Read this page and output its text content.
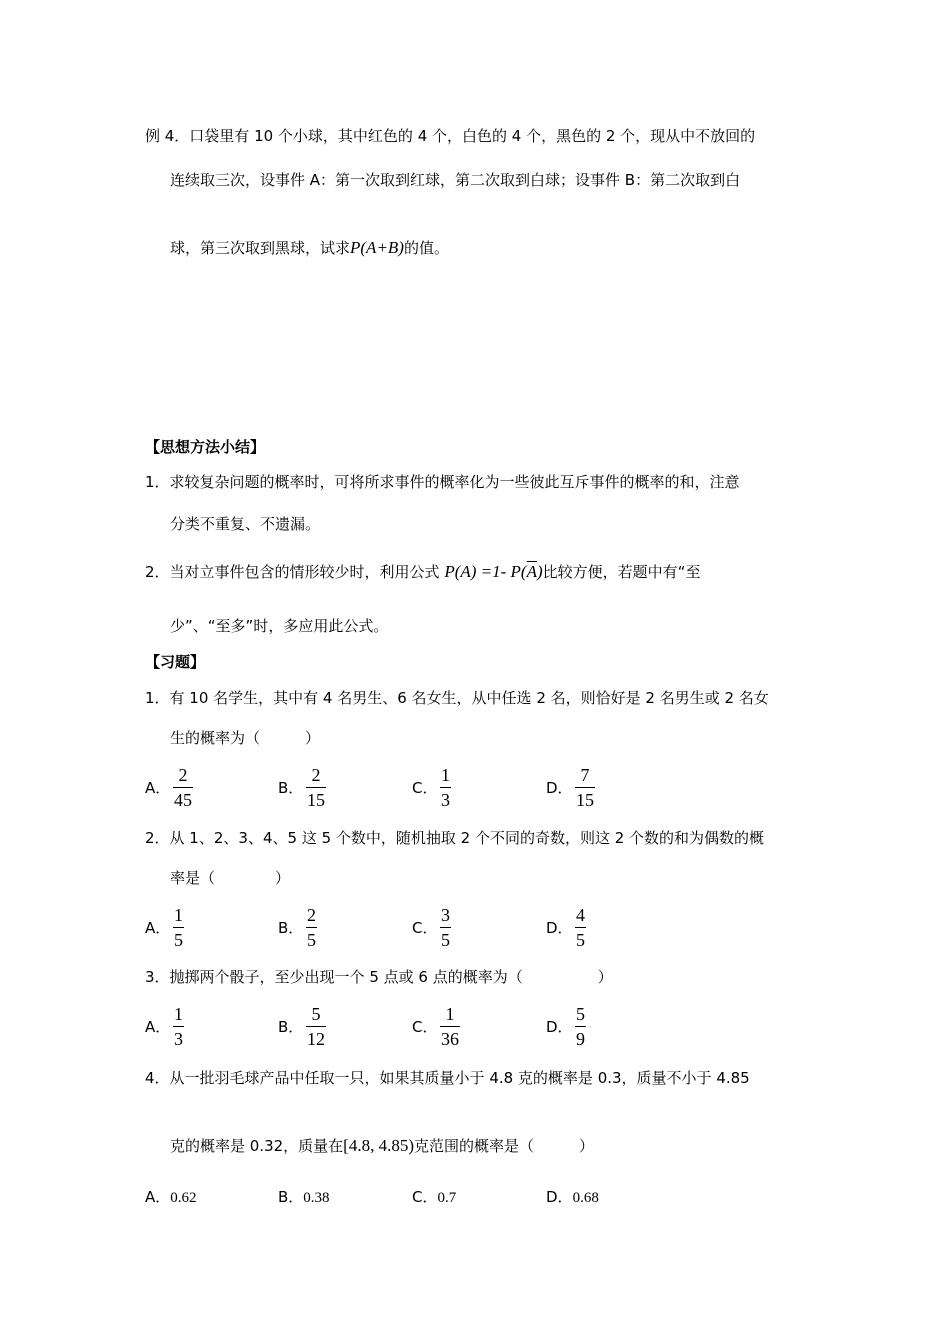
例 4．口袋里有 10 个小球，其中红色的 4 个，白色的 4 个，黑色的 2 个，现从中不放回的
连续取三次，设事件 A：第一次取到红球，第二次取到白球；设事件 B：第二次取到白
球，第三次取到黑球，试求P(A+B)的值。
【思想方法小结】
1．求较复杂问题的概率时，可将所求事件的概率化为一些彼此互斥事件的概率的和，注意
分类不重复、不遗漏。
2．当对立事件包含的情形较少时，利用公式 P(A) =1- $P(\overline{A})$比较方便，若题中有“至
少”、“至多”时，多应用此公式。
【习题】
1．有 10 名学生，其中有 4 名男生、6 名女生，从中任选 2 名，则恰好是 2 名男生或 2 名女
生的概率为（　　　）
A．
2
45
B．
2
15
C．
1
3
D．
7
15
2．从 1、2、3、4、5 这 5 个数中，随机抽取 2 个不同的奇数，则这 2 个数的和为偶数的概
率是（　　　　）
A．
1
5
B．
2
5
C．
3
5
D．
4
5
3．抛掷两个骰子，至少出现一个 5 点或 6 点的概率为（　　　　　）
A．
1
3
B．
5
12
C．
1
36
D．
5
9
4．从一批羽毛球产品中任取一只，如果其质量小于 4.8 克的概率是 0.3，质量不小于 4.85
克的概率是 0.32，质量在[4.8, 4.85)克范围的概率是（　　　）
A．0.62	B．0.38	C．0.7	D．0.68
